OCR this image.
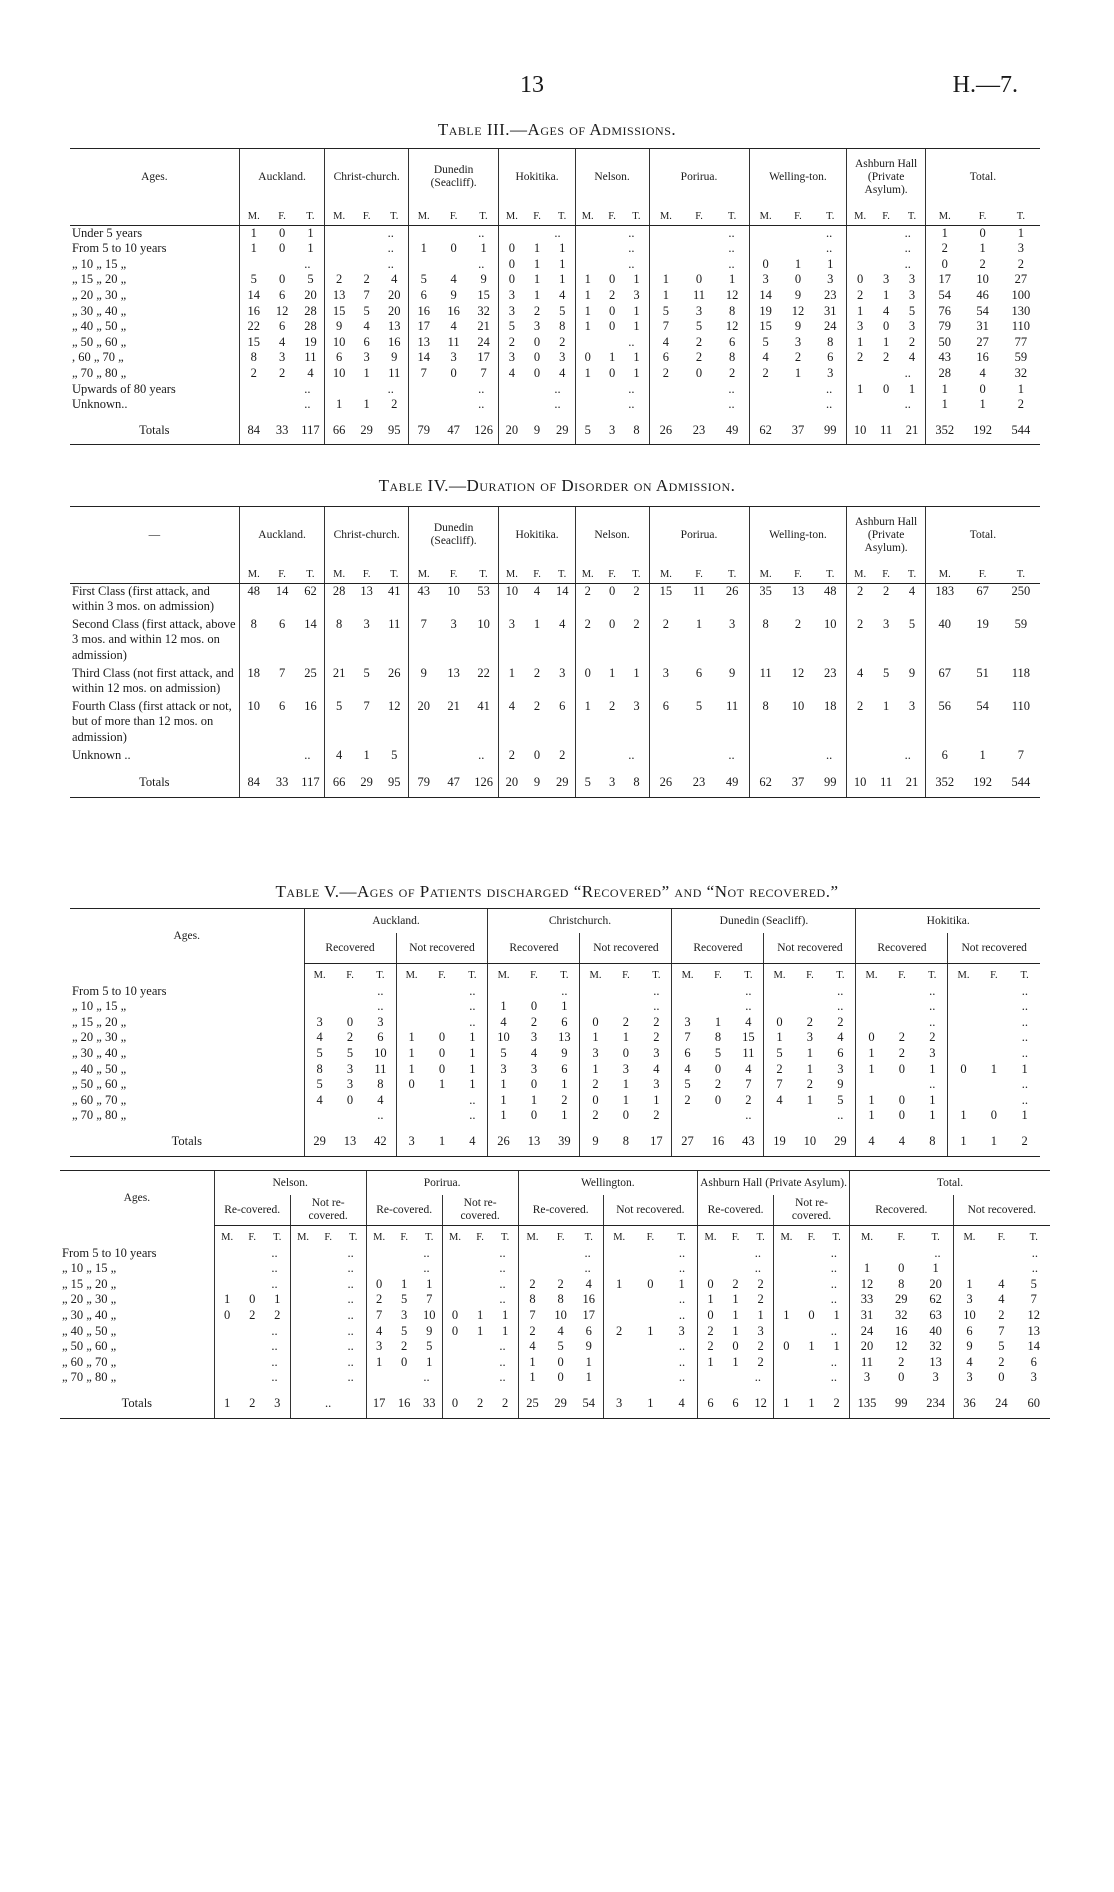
13	H.—7.
Table III.—Ages of Admissions.
Ages.	Auckland.			Christ-church.			Dunedin (Seacliff).			Hokitika.			Nelson.			Porirua.			Welling-ton.			Ashburn Hall (Private Asylum).			Total.		
	M.	F.	T.	M.	F.	T.	M.	F.	T.	M.	F.	T.	M.	F.	T.	M.	F.	T.	M.	F.	T.	M.	F.	T.	M.	F.	T.
Under 5 years	1	0	1	..			..			..			..			..			..			..			1	0	1
From 5 to 10 years	1	0	1	..			1	0	1	0	1	1	..			..			..			..			2	1	3
„ 10 „ 15 „	..			..			..			0	1	1	..			..			0	1	1	..			0	2	2
„ 15 „ 20 „	5	0	5	2	2	4	5	4	9	0	1	1	1	0	1	1	0	1	3	0	3	0	3	3	17	10	27
„ 20 „ 30 „	14	6	20	13	7	20	6	9	15	3	1	4	1	2	3	1	11	12	14	9	23	2	1	3	54	46	100
„ 30 „ 40 „	16	12	28	15	5	20	16	16	32	3	2	5	1	0	1	5	3	8	19	12	31	1	4	5	76	54	130
„ 40 „ 50 „	22	6	28	9	4	13	17	4	21	5	3	8	1	0	1	7	5	12	15	9	24	3	0	3	79	31	110
„ 50 „ 60 „	15	4	19	10	6	16	13	11	24	2	0	2	..			4	2	6	5	3	8	1	1	2	50	27	77
, 60 „ 70 „	8	3	11	6	3	9	14	3	17	3	0	3	0	1	1	6	2	8	4	2	6	2	2	4	43	16	59
„ 70 „ 80 „	2	2	4	10	1	11	7	0	7	4	0	4	1	0	1	2	0	2	2	1	3	..			28	4	32
Upwards of 80 years	..			..			..			..			..			..			..			1	0	1	1	0	1
Unknown..	..			1	1	2	..			..			..			..			..			..			1	1	2
Totals	84	33	117	66	29	95	79	47	126	20	9	29	5	3	8	26	23	49	62	37	99	10	11	21	352	192	544
Table IV.—Duration of Disorder on Admission.
—	Auckland.			Christ-church.			Dunedin (Seacliff).			Hokitika.			Nelson.			Porirua.			Welling-ton.			Ashburn Hall (Private Asylum).			Total.		
	M.	F.	T.	M.	F.	T.	M.	F.	T.	M.	F.	T.	M.	F.	T.	M.	F.	T.	M.	F.	T.	M.	F.	T.	M.	F.	T.
First Class (first attack, and within 3 mos. on admission)	48	14	62	28	13	41	43	10	53	10	4	14	2	0	2	15	11	26	35	13	48	2	2	4	183	67	250
Second Class (first attack, above 3 mos. and within 12 mos. on admission)	8	6	14	8	3	11	7	3	10	3	1	4	2	0	2	2	1	3	8	2	10	2	3	5	40	19	59
Third Class (not first attack, and within 12 mos. on admission)	18	7	25	21	5	26	9	13	22	1	2	3	0	1	1	3	6	9	11	12	23	4	5	9	67	51	118
Fourth Class (first attack or not, but of more than 12 mos. on admission)	10	6	16	5	7	12	20	21	41	4	2	6	1	2	3	6	5	11	8	10	18	2	1	3	56	54	110
Unknown ..	..			4	1	5	..			2	0	2	..			..			..			..			6	1	7
Totals	84	33	117	66	29	95	79	47	126	20	9	29	5	3	8	26	23	49	62	37	99	10	11	21	352	192	544
Table V.—Ages of Patients discharged “Recovered” and “Not recovered.”
Ages.	Auckland.						Christchurch.						Dunedin (Seacliff).						Hokitika.					
	Recovered			Not recovered			Recovered			Not recovered			Recovered			Not recovered			Recovered			Not recovered		
	M.	F.	T.	M.	F.	T.	M.	F.	T.	M.	F.	T.	M.	F.	T.	M.	F.	T.	M.	F.	T.	M.	F.	T.
From 5 to 10 years	..			..			..			..			..			..			..			..		
„ 10 „ 15 „	..			..			1	0	1	..			..			..			..			..		
„ 15 „ 20 „	3	0	3	..			4	2	6	0	2	2	3	1	4	0	2	2	..			..		
„ 20 „ 30 „	4	2	6	1	0	1	10	3	13	1	1	2	7	8	15	1	3	4	0	2	2	..		
„ 30 „ 40 „	5	5	10	1	0	1	5	4	9	3	0	3	6	5	11	5	1	6	1	2	3	..		
„ 40 „ 50 „	8	3	11	1	0	1	3	3	6	1	3	4	4	0	4	2	1	3	1	0	1	0	1	1
„ 50 „ 60 „	5	3	8	0	1	1	1	0	1	2	1	3	5	2	7	7	2	9	..			..		
„ 60 „ 70 „	4	0	4	..			1	1	2	0	1	1	2	0	2	4	1	5	1	0	1	..		
„ 70 „ 80 „	..			..			1	0	1	2	0	2	..			..			1	0	1	1	0	1
Totals	29	13	42	3	1	4	26	13	39	9	8	17	27	16	43	19	10	29	4	4	8	1	1	2
Ages.	Nelson.						Porirua.						Wellington.						Ashburn Hall (Private Asylum).						Total.					
	Re-covered.			Not re-covered.			Re-covered.			Not re-covered.			Re-covered.			Not recovered.			Re-covered.			Not re-covered.			Recovered.			Not recovered.		
	M.	F.	T.	M.	F.	T.	M.	F.	T.	M.	F.	T.	M.	F.	T.	M.	F.	T.	M.	F.	T.	M.	F.	T.	M.	F.	T.	M.	F.	T.
From 5 to 10 years	..			..			..			..			..			..			..			..			..			..		
„ 10 „ 15 „	..			..			..			..			..			..			..			..			1	0	1	..		
„ 15 „ 20 „	..			..			0	1	1	..			2	2	4	1	0	1	0	2	2	..			12	8	20	1	4	5
„ 20 „ 30 „	1	0	1	..			2	5	7	..			8	8	16	..			1	1	2	..			33	29	62	3	4	7
„ 30 „ 40 „	0	2	2	..			7	3	10	0	1	1	7	10	17	..			0	1	1	1	0	1	31	32	63	10	2	12
„ 40 „ 50 „	..			..			4	5	9	0	1	1	2	4	6	2	1	3	2	1	3	..			24	16	40	6	7	13
„ 50 „ 60 „	..			..			3	2	5	..			4	5	9	..			2	0	2	0	1	1	20	12	32	9	5	14
„ 60 „ 70 „	..			..			1	0	1	..			1	0	1	..			1	1	2	..			11	2	13	4	2	6
„ 70 „ 80 „	..			..			..			..			1	0	1	..			..			..			3	0	3	3	0	3
Totals	1	2	3	..			17	16	33	0	2	2	25	29	54	3	1	4	6	6	12	1	1	2	135	99	234	36	24	60
